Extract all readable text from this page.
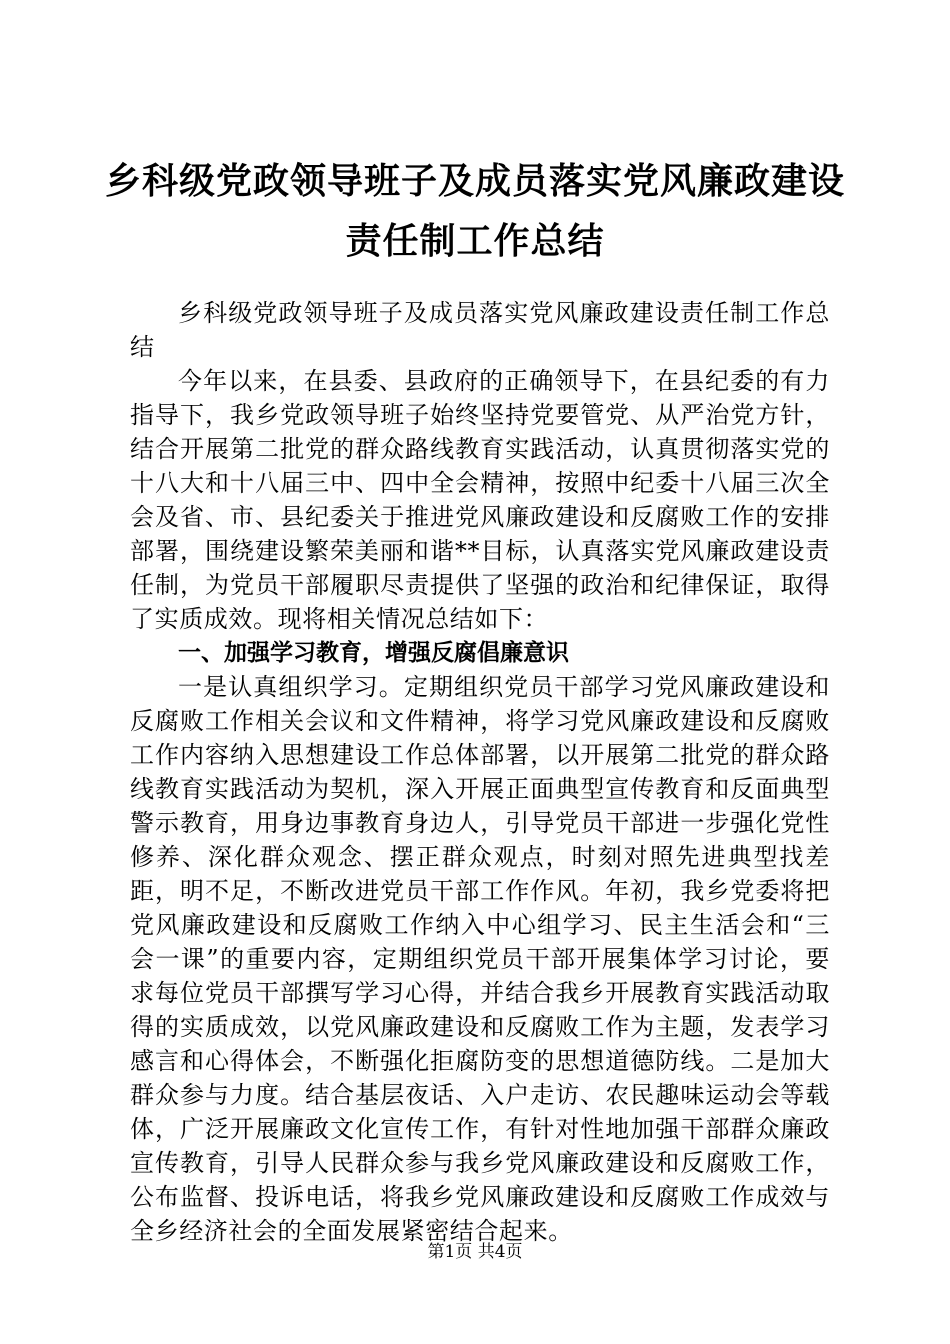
乡科级党政领导班子及成员落实党风廉政建设
责任制工作总结

乡科级党政领导班子及成员落实党风廉政建设责任制工作总结

今年以来，在县委、县政府的正确领导下，在县纪委的有力指导下，我乡党政领导班子始终坚持党要管党、从严治党方针，结合开展第二批党的群众路线教育实践活动，认真贯彻落实党的十八大和十八届三中、四中全会精神，按照中纪委十八届三次全会及省、市、县纪委关于推进党风廉政建设和反腐败工作的安排部署，围绕建设繁荣美丽和谐**目标，认真落实党风廉政建设责任制，为党员干部履职尽责提供了坚强的政治和纪律保证，取得了实质成效。现将相关情况总结如下：

一、加强学习教育，增强反腐倡廉意识

一是认真组织学习。定期组织党员干部学习党风廉政建设和反腐败工作相关会议和文件精神，将学习党风廉政建设和反腐败工作内容纳入思想建设工作总体部署，以开展第二批党的群众路线教育实践活动为契机，深入开展正面典型宣传教育和反面典型警示教育，用身边事教育身边人，引导党员干部进一步强化党性修养、深化群众观念、摆正群众观点，时刻对照先进典型找差距，明不足，不断改进党员干部工作作风。年初，我乡党委将把党风廉政建设和反腐败工作纳入中心组学习、民主生活会和“三会一课”的重要内容，定期组织党员干部开展集体学习讨论，要求每位党员干部撰写学习心得，并结合我乡开展教育实践活动取得的实质成效，以党风廉政建设和反腐败工作为主题，发表学习感言和心得体会，不断强化拒腐防变的思想道德防线。二是加大群众参与力度。结合基层夜话、入户走访、农民趣味运动会等载体，广泛开展廉政文化宣传工作，有针对性地加强干部群众廉政宣传教育，引导人民群众参与我乡党风廉政建设和反腐败工作，公布监督、投诉电话，将我乡党风廉政建设和反腐败工作成效与全乡经济社会的全面发展紧密结合起来。

第1页 共4页
